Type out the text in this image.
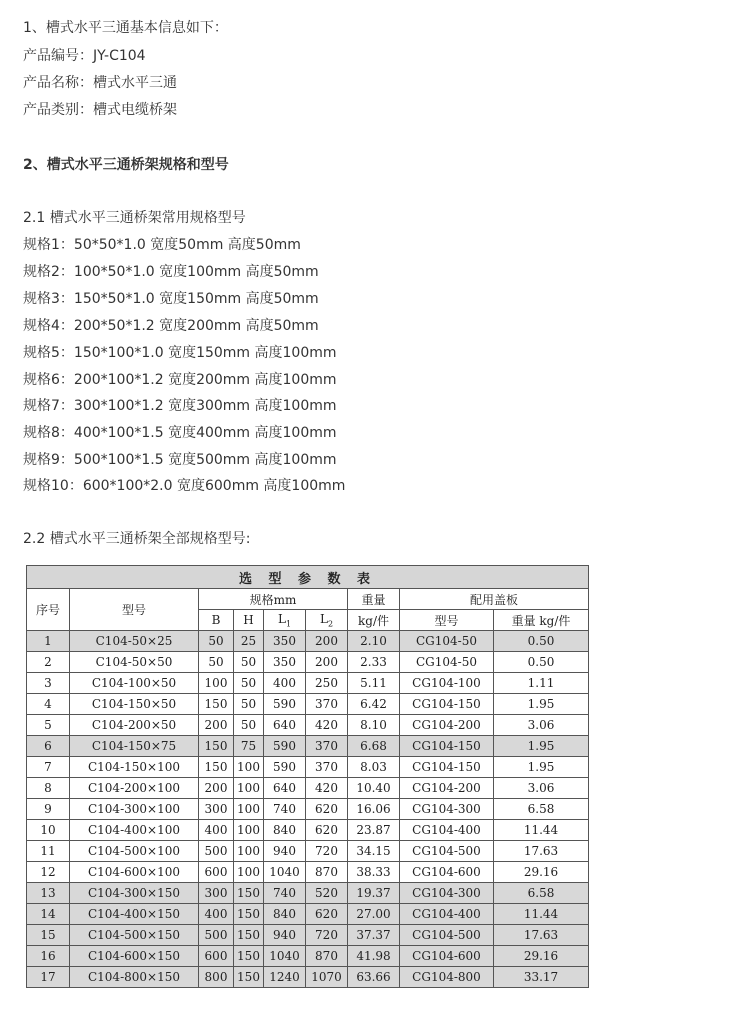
1、槽式水平三通基本信息如下：
产品编号：JY-C104
产品名称：槽式水平三通
产品类别：槽式电缆桥架
2、槽式水平三通桥架规格和型号
2.1 槽式水平三通桥架常用规格型号
规格1：50*50*1.0 宽度50mm 高度50mm
规格2：100*50*1.0 宽度100mm 高度50mm
规格3：150*50*1.0 宽度150mm 高度50mm
规格4：200*50*1.2 宽度200mm 高度50mm
规格5：150*100*1.0 宽度150mm 高度100mm
规格6：200*100*1.2 宽度200mm 高度100mm
规格7：300*100*1.2 宽度300mm 高度100mm
规格8：400*100*1.5 宽度400mm 高度100mm
规格9：500*100*1.5 宽度500mm 高度100mm
规格10：600*100*2.0 宽度600mm 高度100mm
2.2 槽式水平三通桥架全部规格型号:
选 型 参 数 表								
序号	型号	规格mm				重量	配用盖板	
		B	H	$L_1$	$L_2$	kg/件	型号	重量 kg/件
1	C104-50×25	50	25	350	200	2.10	CG104-50	0.50
2	C104-50×50	50	50	350	200	2.33	CG104-50	0.50
3	C104-100×50	100	50	400	250	5.11	CG104-100	1.11
4	C104-150×50	150	50	590	370	6.42	CG104-150	1.95
5	C104-200×50	200	50	640	420	8.10	CG104-200	3.06
6	C104-150×75	150	75	590	370	6.68	CG104-150	1.95
7	C104-150×100	150	100	590	370	8.03	CG104-150	1.95
8	C104-200×100	200	100	640	420	10.40	CG104-200	3.06
9	C104-300×100	300	100	740	620	16.06	CG104-300	6.58
10	C104-400×100	400	100	840	620	23.87	CG104-400	11.44
11	C104-500×100	500	100	940	720	34.15	CG104-500	17.63
12	C104-600×100	600	100	1040	870	38.33	CG104-600	29.16
13	C104-300×150	300	150	740	520	19.37	CG104-300	6.58
14	C104-400×150	400	150	840	620	27.00	CG104-400	11.44
15	C104-500×150	500	150	940	720	37.37	CG104-500	17.63
16	C104-600×150	600	150	1040	870	41.98	CG104-600	29.16
17	C104-800×150	800	150	1240	1070	63.66	CG104-800	33.17
